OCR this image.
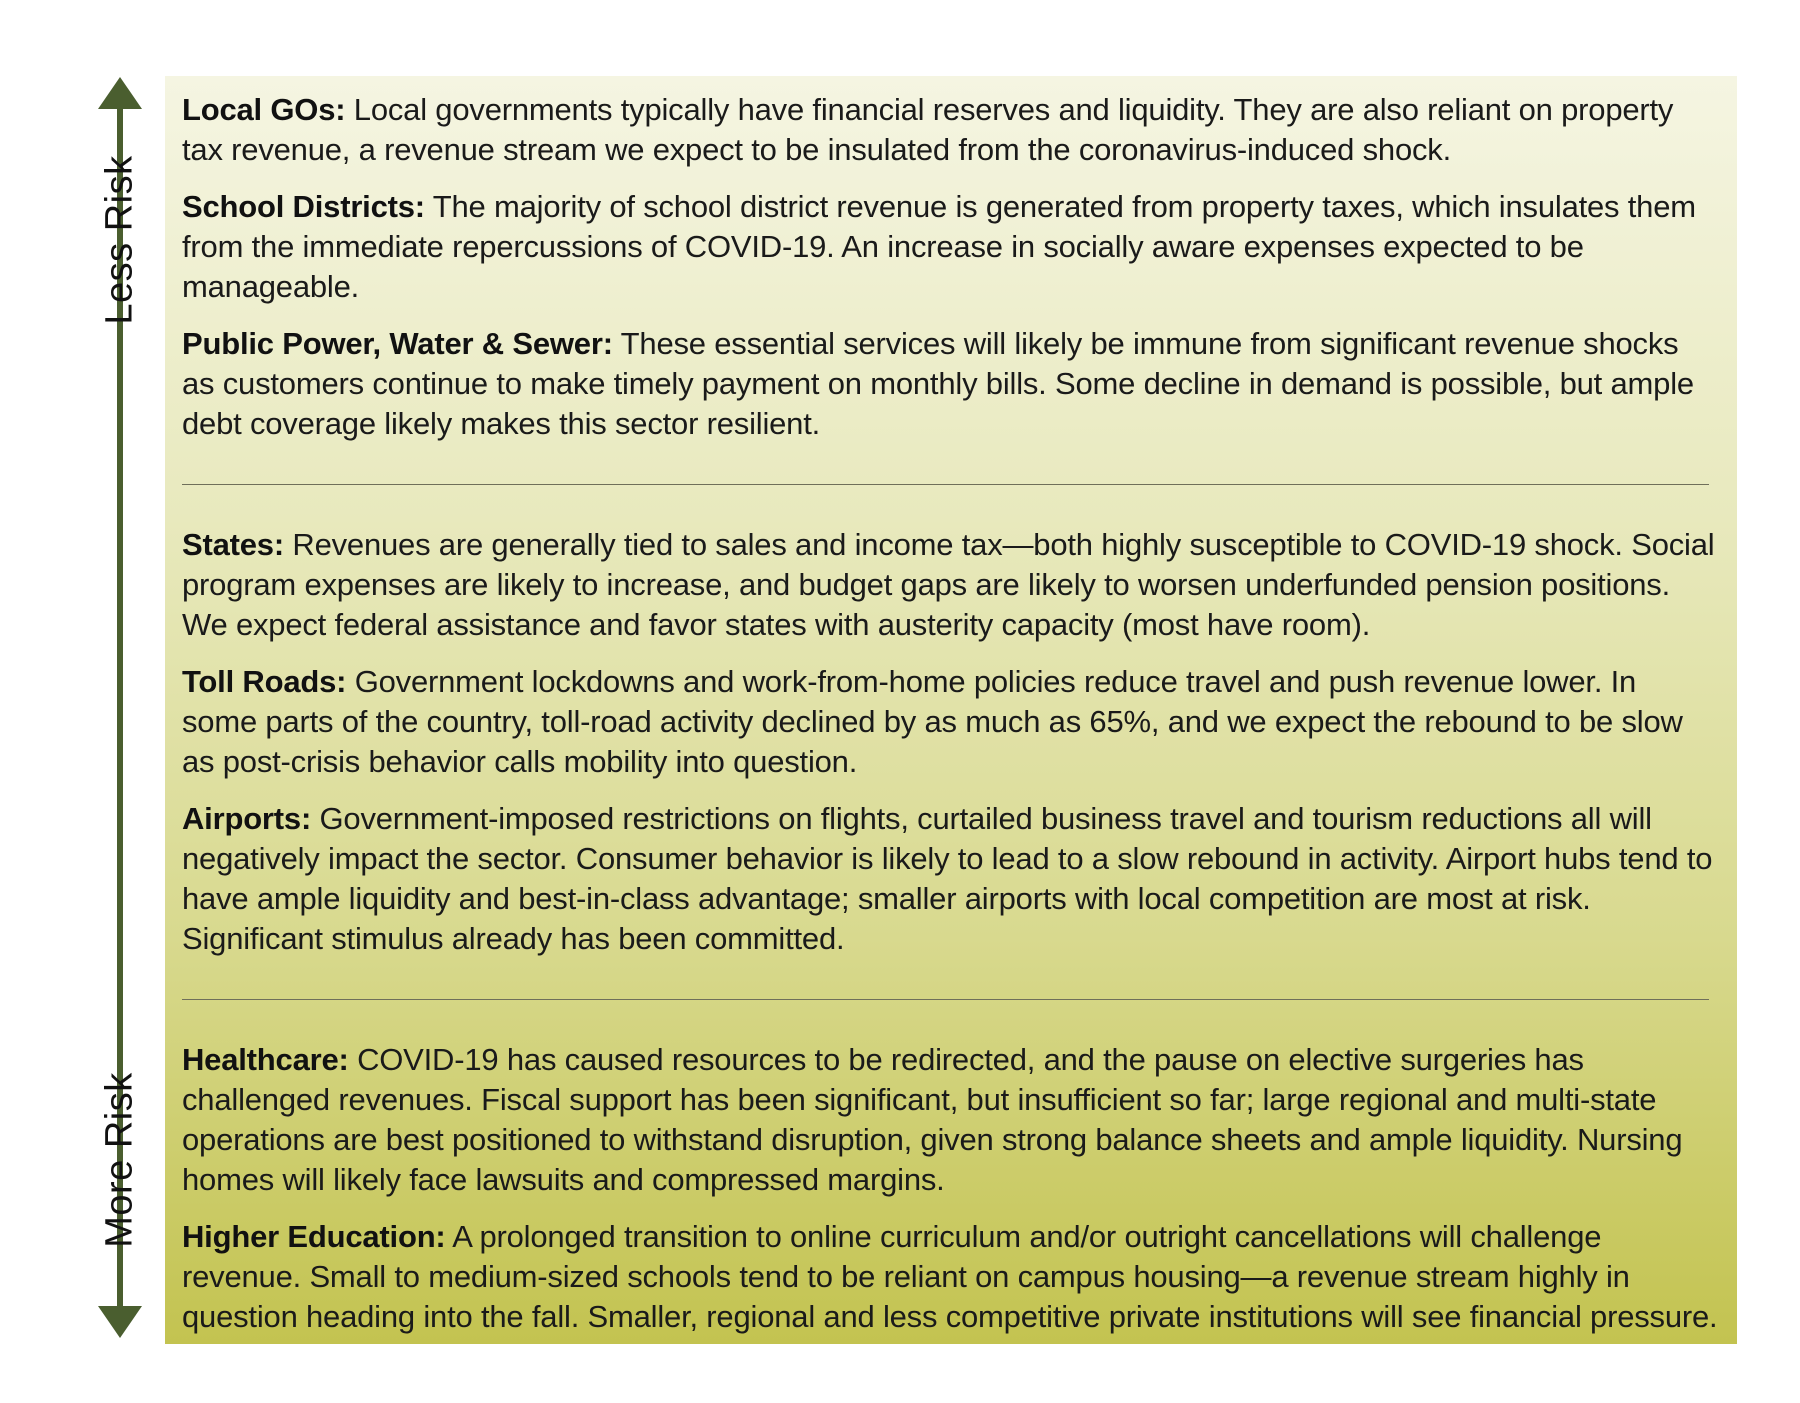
Less Risk
More Risk

Local GOs: Local governments typically have financial reserves and liquidity. They are also reliant on property tax revenue, a revenue stream we expect to be insulated from the coronavirus-induced shock.

School Districts: The majority of school district revenue is generated from property taxes, which insulates them from the immediate repercussions of COVID-19. An increase in socially aware expenses expected to be manageable.

Public Power, Water & Sewer: These essential services will likely be immune from significant revenue shocks as customers continue to make timely payment on monthly bills. Some decline in demand is possible, but ample debt coverage likely makes this sector resilient.

States: Revenues are generally tied to sales and income tax—both highly susceptible to COVID-19 shock. Social program expenses are likely to increase, and budget gaps are likely to worsen underfunded pension positions. We expect federal assistance and favor states with austerity capacity (most have room).

Toll Roads: Government lockdowns and work-from-home policies reduce travel and push revenue lower. In some parts of the country, toll-road activity declined by as much as 65%, and we expect the rebound to be slow as post-crisis behavior calls mobility into question.

Airports: Government-imposed restrictions on flights, curtailed business travel and tourism reductions all will negatively impact the sector. Consumer behavior is likely to lead to a slow rebound in activity. Airport hubs tend to have ample liquidity and best-in-class advantage; smaller airports with local competition are most at risk. Significant stimulus already has been committed.

Healthcare: COVID-19 has caused resources to be redirected, and the pause on elective surgeries has challenged revenues. Fiscal support has been significant, but insufficient so far; large regional and multi-state operations are best positioned to withstand disruption, given strong balance sheets and ample liquidity. Nursing homes will likely face lawsuits and compressed margins.

Higher Education: A prolonged transition to online curriculum and/or outright cancellations will challenge revenue. Small to medium-sized schools tend to be reliant on campus housing—a revenue stream highly in question heading into the fall. Smaller, regional and less competitive private institutions will see financial pressure.
